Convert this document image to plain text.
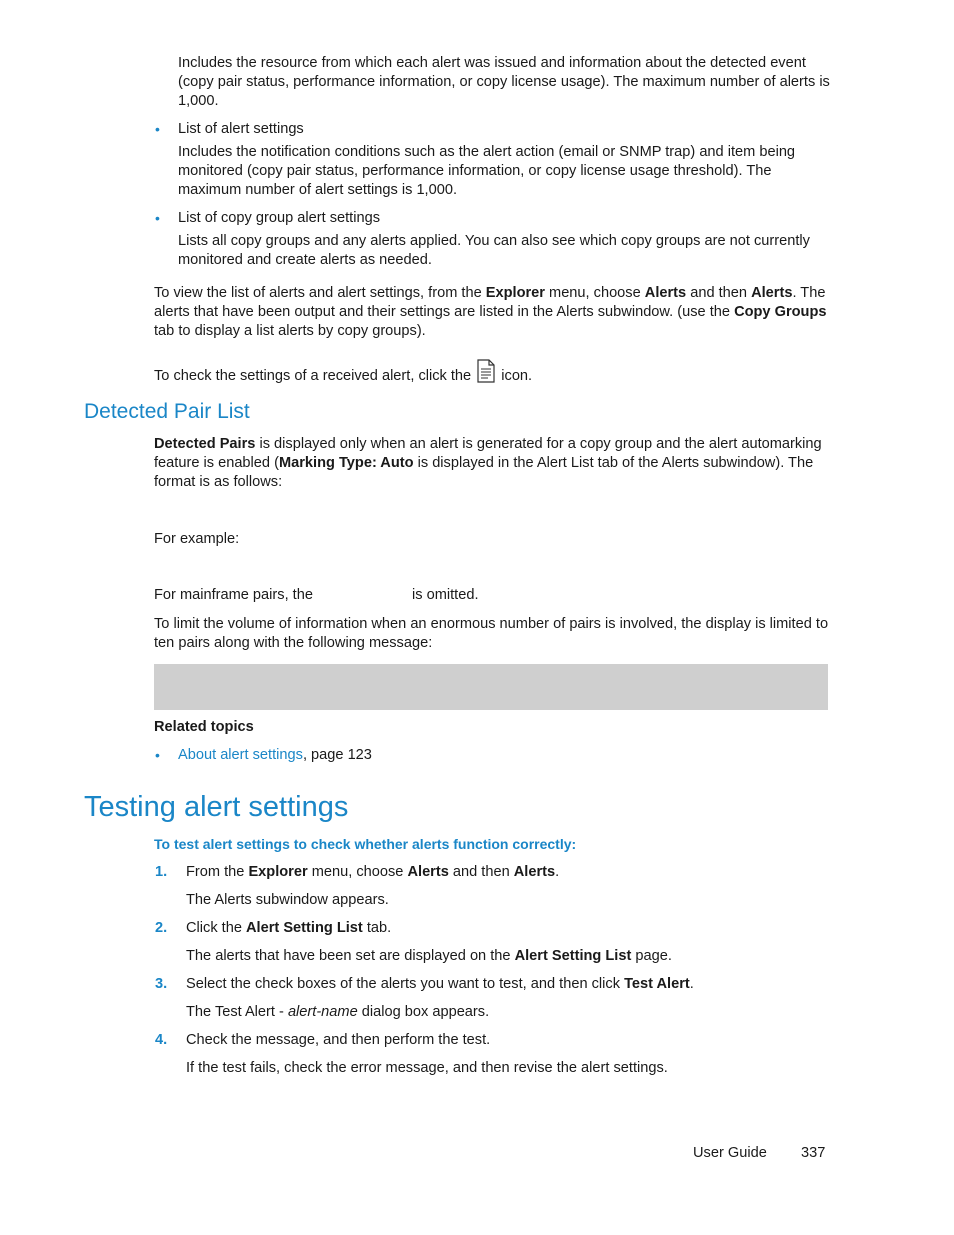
Includes the resource from which each alert was issued and information about the detected event (copy pair status, performance information, or copy license usage). The maximum number of alerts is 1,000.

• List of alert settings

Includes the notification conditions such as the alert action (email or SNMP trap) and item being monitored (copy pair status, performance information, or copy license usage threshold). The maximum number of alert settings is 1,000.

• List of copy group alert settings

Lists all copy groups and any alerts applied. You can also see which copy groups are not currently monitored and create alerts as needed.

To view the list of alerts and alert settings, from the Explorer menu, choose Alerts and then Alerts. The alerts that have been output and their settings are listed in the Alerts subwindow. (use the Copy Groups tab to display a list alerts by copy groups).

To check the settings of a received alert, click the  icon.

Detected Pair List

Detected Pairs is displayed only when an alert is generated for a copy group and the alert automarking feature is enabled (Marking Type: Auto is displayed in the Alert List tab of the Alerts subwindow). The format is as follows:

For example:

For mainframe pairs, the	is omitted.

To limit the volume of information when an enormous number of pairs is involved, the display is limited to ten pairs along with the following message:

Related topics

• About alert settings, page 123

Testing alert settings

To test alert settings to check whether alerts function correctly:

1. From the Explorer menu, choose Alerts and then Alerts.

The Alerts subwindow appears.

2. Click the Alert Setting List tab.

The alerts that have been set are displayed on the Alert Setting List page.

3. Select the check boxes of the alerts you want to test, and then click Test Alert.

The Test Alert - alert-name dialog box appears.

4. Check the message, and then perform the test.

If the test fails, check the error message, and then revise the alert settings.

User Guide 337
